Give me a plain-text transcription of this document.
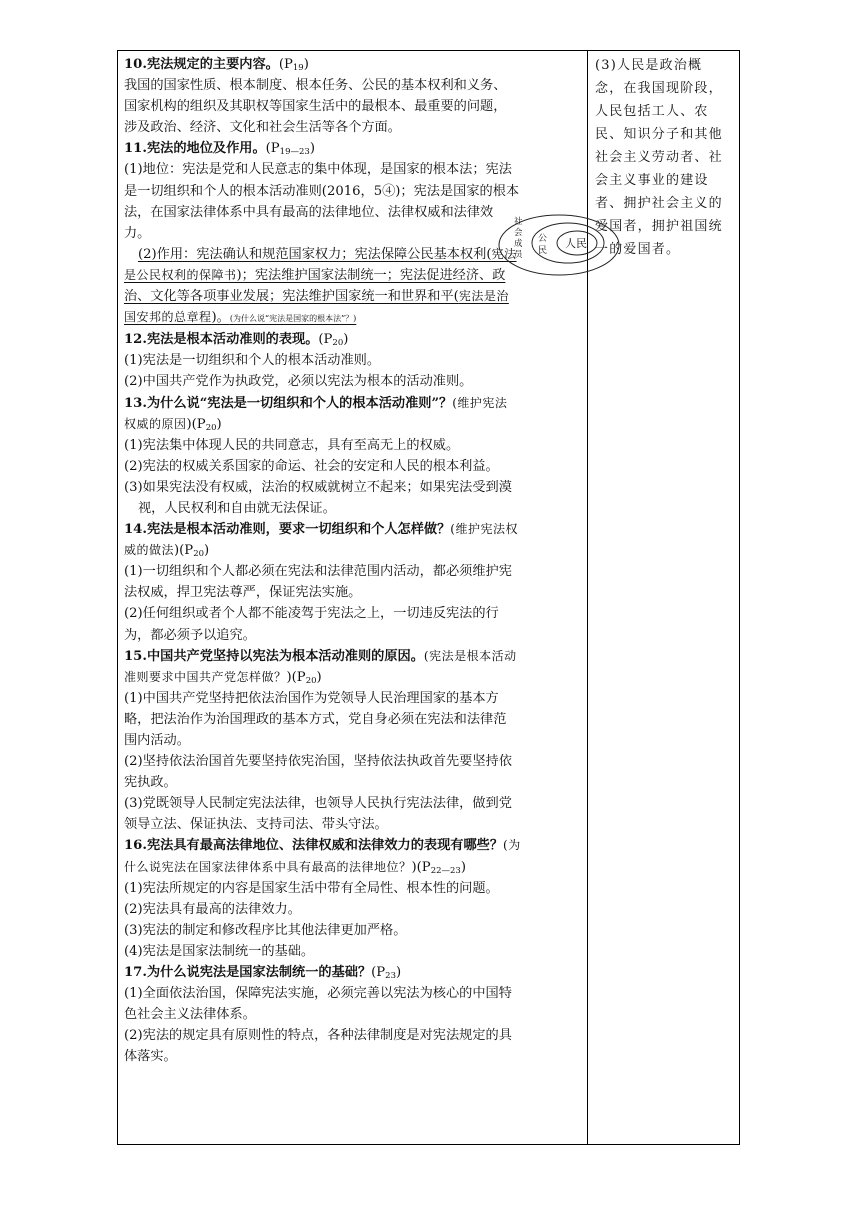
10.宪法规定的主要内容。$(P_{19})$

我国的国家性质、根本制度、根本任务、公民的基本权利和义务、

国家机构的组织及其职权等国家生活中的最根本、最重要的问题，

涉及政治、经济、文化和社会生活等各个方面。

11.宪法的地位及作用。$(P_{19—23})$

(1)地位：宪法是党和人民意志的集中体现，是国家的根本法；宪法

是一切组织和个人的根本活动准则(2016，5④)；宪法是国家的根本

法，在国家法律体系中具有最高的法律地位、法律权威和法律效

力。

(2)作用：宪法确认和规范国家权力；宪法保障公民基本权利(宪法

是公民权利的保障书)；宪法维护国家法制统一；宪法促进经济、政

治、文化等各项事业发展；宪法维护国家统一和世界和平(宪法是治

国安邦的总章程)。(为什么说“宪法是国家的根本法”？)

12.宪法是根本活动准则的表现。$(P_{20})$

(1)宪法是一切组织和个人的根本活动准则。

(2)中国共产党作为执政党，必须以宪法为根本的活动准则。

13.为什么说“宪法是一切组织和个人的根本活动准则”？(维护宪法

权威的原因)$(P_{20})$

(1)宪法集中体现人民的共同意志，具有至高无上的权威。

(2)宪法的权威关系国家的命运、社会的安定和人民的根本利益。

(3)如果宪法没有权威，法治的权威就树立不起来；如果宪法受到漠

视，人民权利和自由就无法保证。

14.宪法是根本活动准则，要求一切组织和个人怎样做？(维护宪法权

威的做法)$(P_{20})$

(1)一切组织和个人都必须在宪法和法律范围内活动，都必须维护宪

法权威，捍卫宪法尊严，保证宪法实施。

(2)任何组织或者个人都不能凌驾于宪法之上，一切违反宪法的行

为，都必须予以追究。

15.中国共产党坚持以宪法为根本活动准则的原因。(宪法是根本活动

准则要求中国共产党怎样做？)$(P_{20})$

(1)中国共产党坚持把依法治国作为党领导人民治理国家的基本方

略，把法治作为治国理政的基本方式，党自身必须在宪法和法律范

围内活动。

(2)坚持依法治国首先要坚持依宪治国，坚持依法执政首先要坚持依

宪执政。

(3)党既领导人民制定宪法法律，也领导人民执行宪法法律，做到党

领导立法、保证执法、支持司法、带头守法。

16.宪法具有最高法律地位、法律权威和法律效力的表现有哪些？(为

什么说宪法在国家法律体系中具有最高的法律地位？)$(P_{22—23})$

(1)宪法所规定的内容是国家生活中带有全局性、根本性的问题。

(2)宪法具有最高的法律效力。

(3)宪法的制定和修改程序比其他法律更加严格。

(4)宪法是国家法制统一的基础。

17.为什么说宪法是国家法制统一的基础？$(P_{23})$

(1)全面依法治国，保障宪法实施，必须完善以宪法为核心的中国特

色社会主义法律体系。

(2)宪法的规定具有原则性的特点，各种法律制度是对宪法规定的具

体落实。

(3)人民是政治概

念，在我国现阶段，

人民包括工人、农

民、知识分子和其他

社会主义劳动者、社

会主义事业的建设

者、拥护社会主义的

爱国者，拥护祖国统

一的爱国者。

社 会 成 员
公 民
人民
